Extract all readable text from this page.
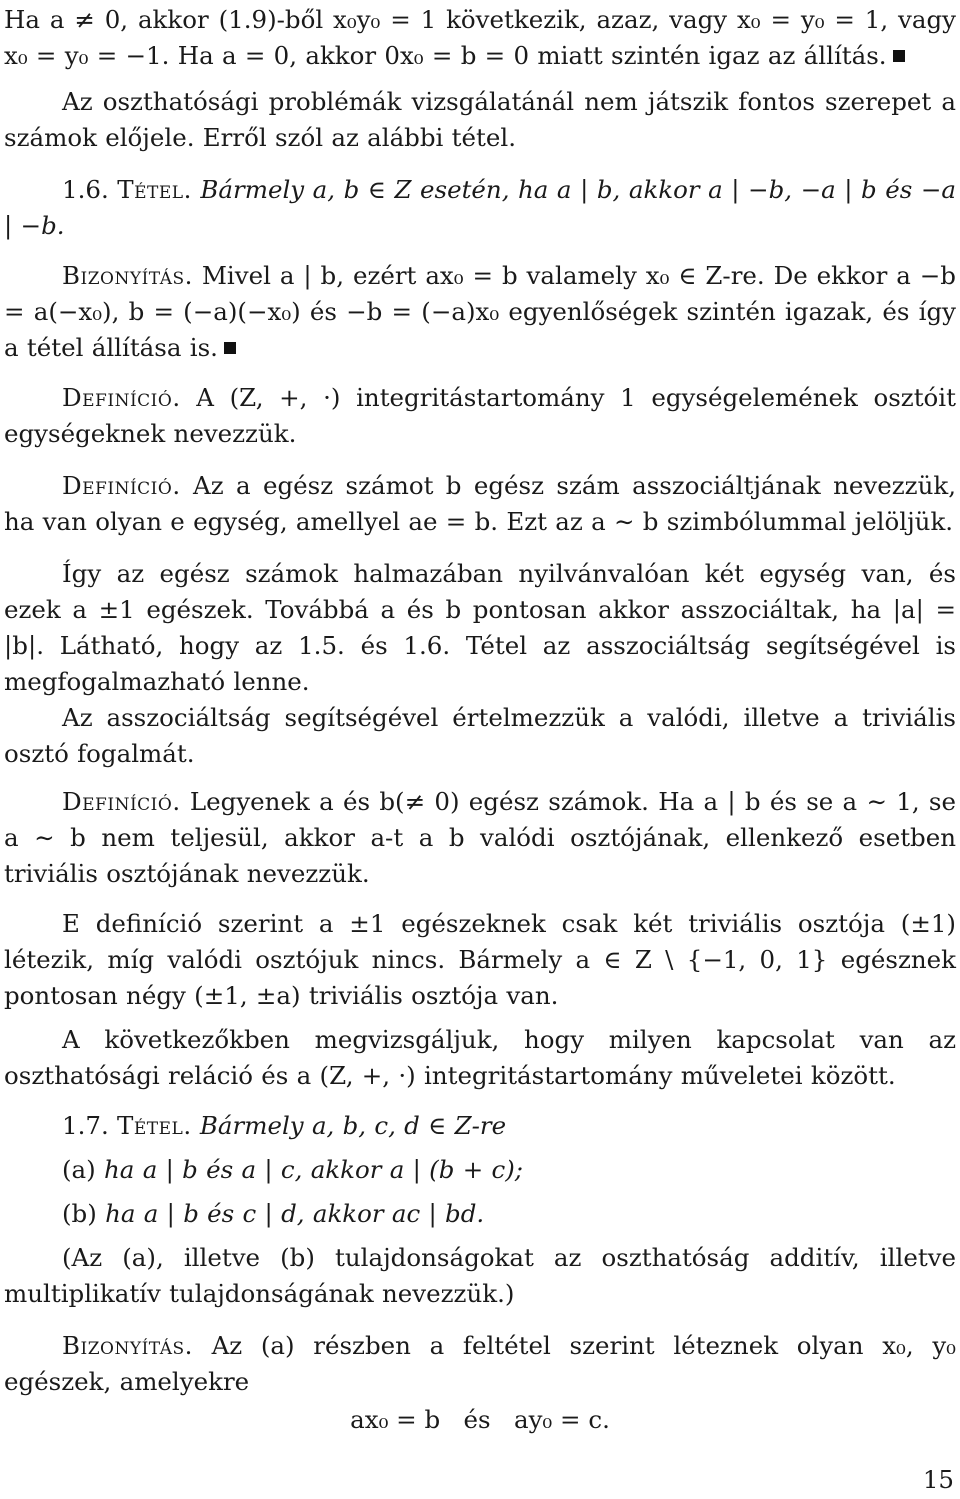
Ha a ≠ 0, akkor (1.9)-ből x₀y₀ = 1 következik, azaz, vagy x₀ = y₀ = 1, vagy x₀ = y₀ = −1. Ha a = 0, akkor 0x₀ = b = 0 miatt szintén igaz az állítás.

Az oszthatósági problémák vizsgálatánál nem játszik fontos szerepet a számok előjele. Erről szól az alábbi tétel.

1.6. Tétel. Bármely a, b ∈ Z esetén, ha a | b, akkor a | −b, −a | b és −a | −b.

Bizonyítás. Mivel a | b, ezért ax₀ = b valamely x₀ ∈ Z-re. De ekkor a −b = a(−x₀), b = (−a)(−x₀) és −b = (−a)x₀ egyenlőségek szintén igazak, és így a tétel állítása is.

Definíció. A (Z, +, ·) integritástartomány 1 egységelemének osztóit egységeknek nevezzük.

Definíció. Az a egész számot b egész szám asszociáltjának nevezzük, ha van olyan e egység, amellyel ae = b. Ezt az a ∼ b szimbólummal jelöljük.

Így az egész számok halmazában nyilvánvalóan két egység van, és ezek a ±1 egészek. Továbbá a és b pontosan akkor asszociáltak, ha |a| = |b|. Látható, hogy az 1.5. és 1.6. Tétel az asszociáltság segítségével is megfogalmazható lenne.

Az asszociáltság segítségével értelmezzük a valódi, illetve a triviális osztó fogalmát.

Definíció. Legyenek a és b(≠ 0) egész számok. Ha a | b és se a ∼ 1, se a ∼ b nem teljesül, akkor a-t a b valódi osztójának, ellenkező esetben triviális osztójának nevezzük.

E definíció szerint a ±1 egészeknek csak két triviális osztója (±1) létezik, míg valódi osztójuk nincs. Bármely a ∈ Z \ {−1, 0, 1} egésznek pontosan négy (±1, ±a) triviális osztója van.

A következőkben megvizsgáljuk, hogy milyen kapcsolat van az oszthatósági reláció és a (Z, +, ·) integritástartomány műveletei között.

1.7. Tétel. Bármely a, b, c, d ∈ Z-re

(a) ha a | b és a | c, akkor a | (b + c);

(b) ha a | b és c | d, akkor ac | bd.

(Az (a), illetve (b) tulajdonságokat az oszthatóság additív, illetve multiplikatív tulajdonságának nevezzük.)

Bizonyítás. Az (a) részben a feltétel szerint léteznek olyan x₀, y₀ egészek, amelyekre

ax₀ = b   és   ay₀ = c.

15
